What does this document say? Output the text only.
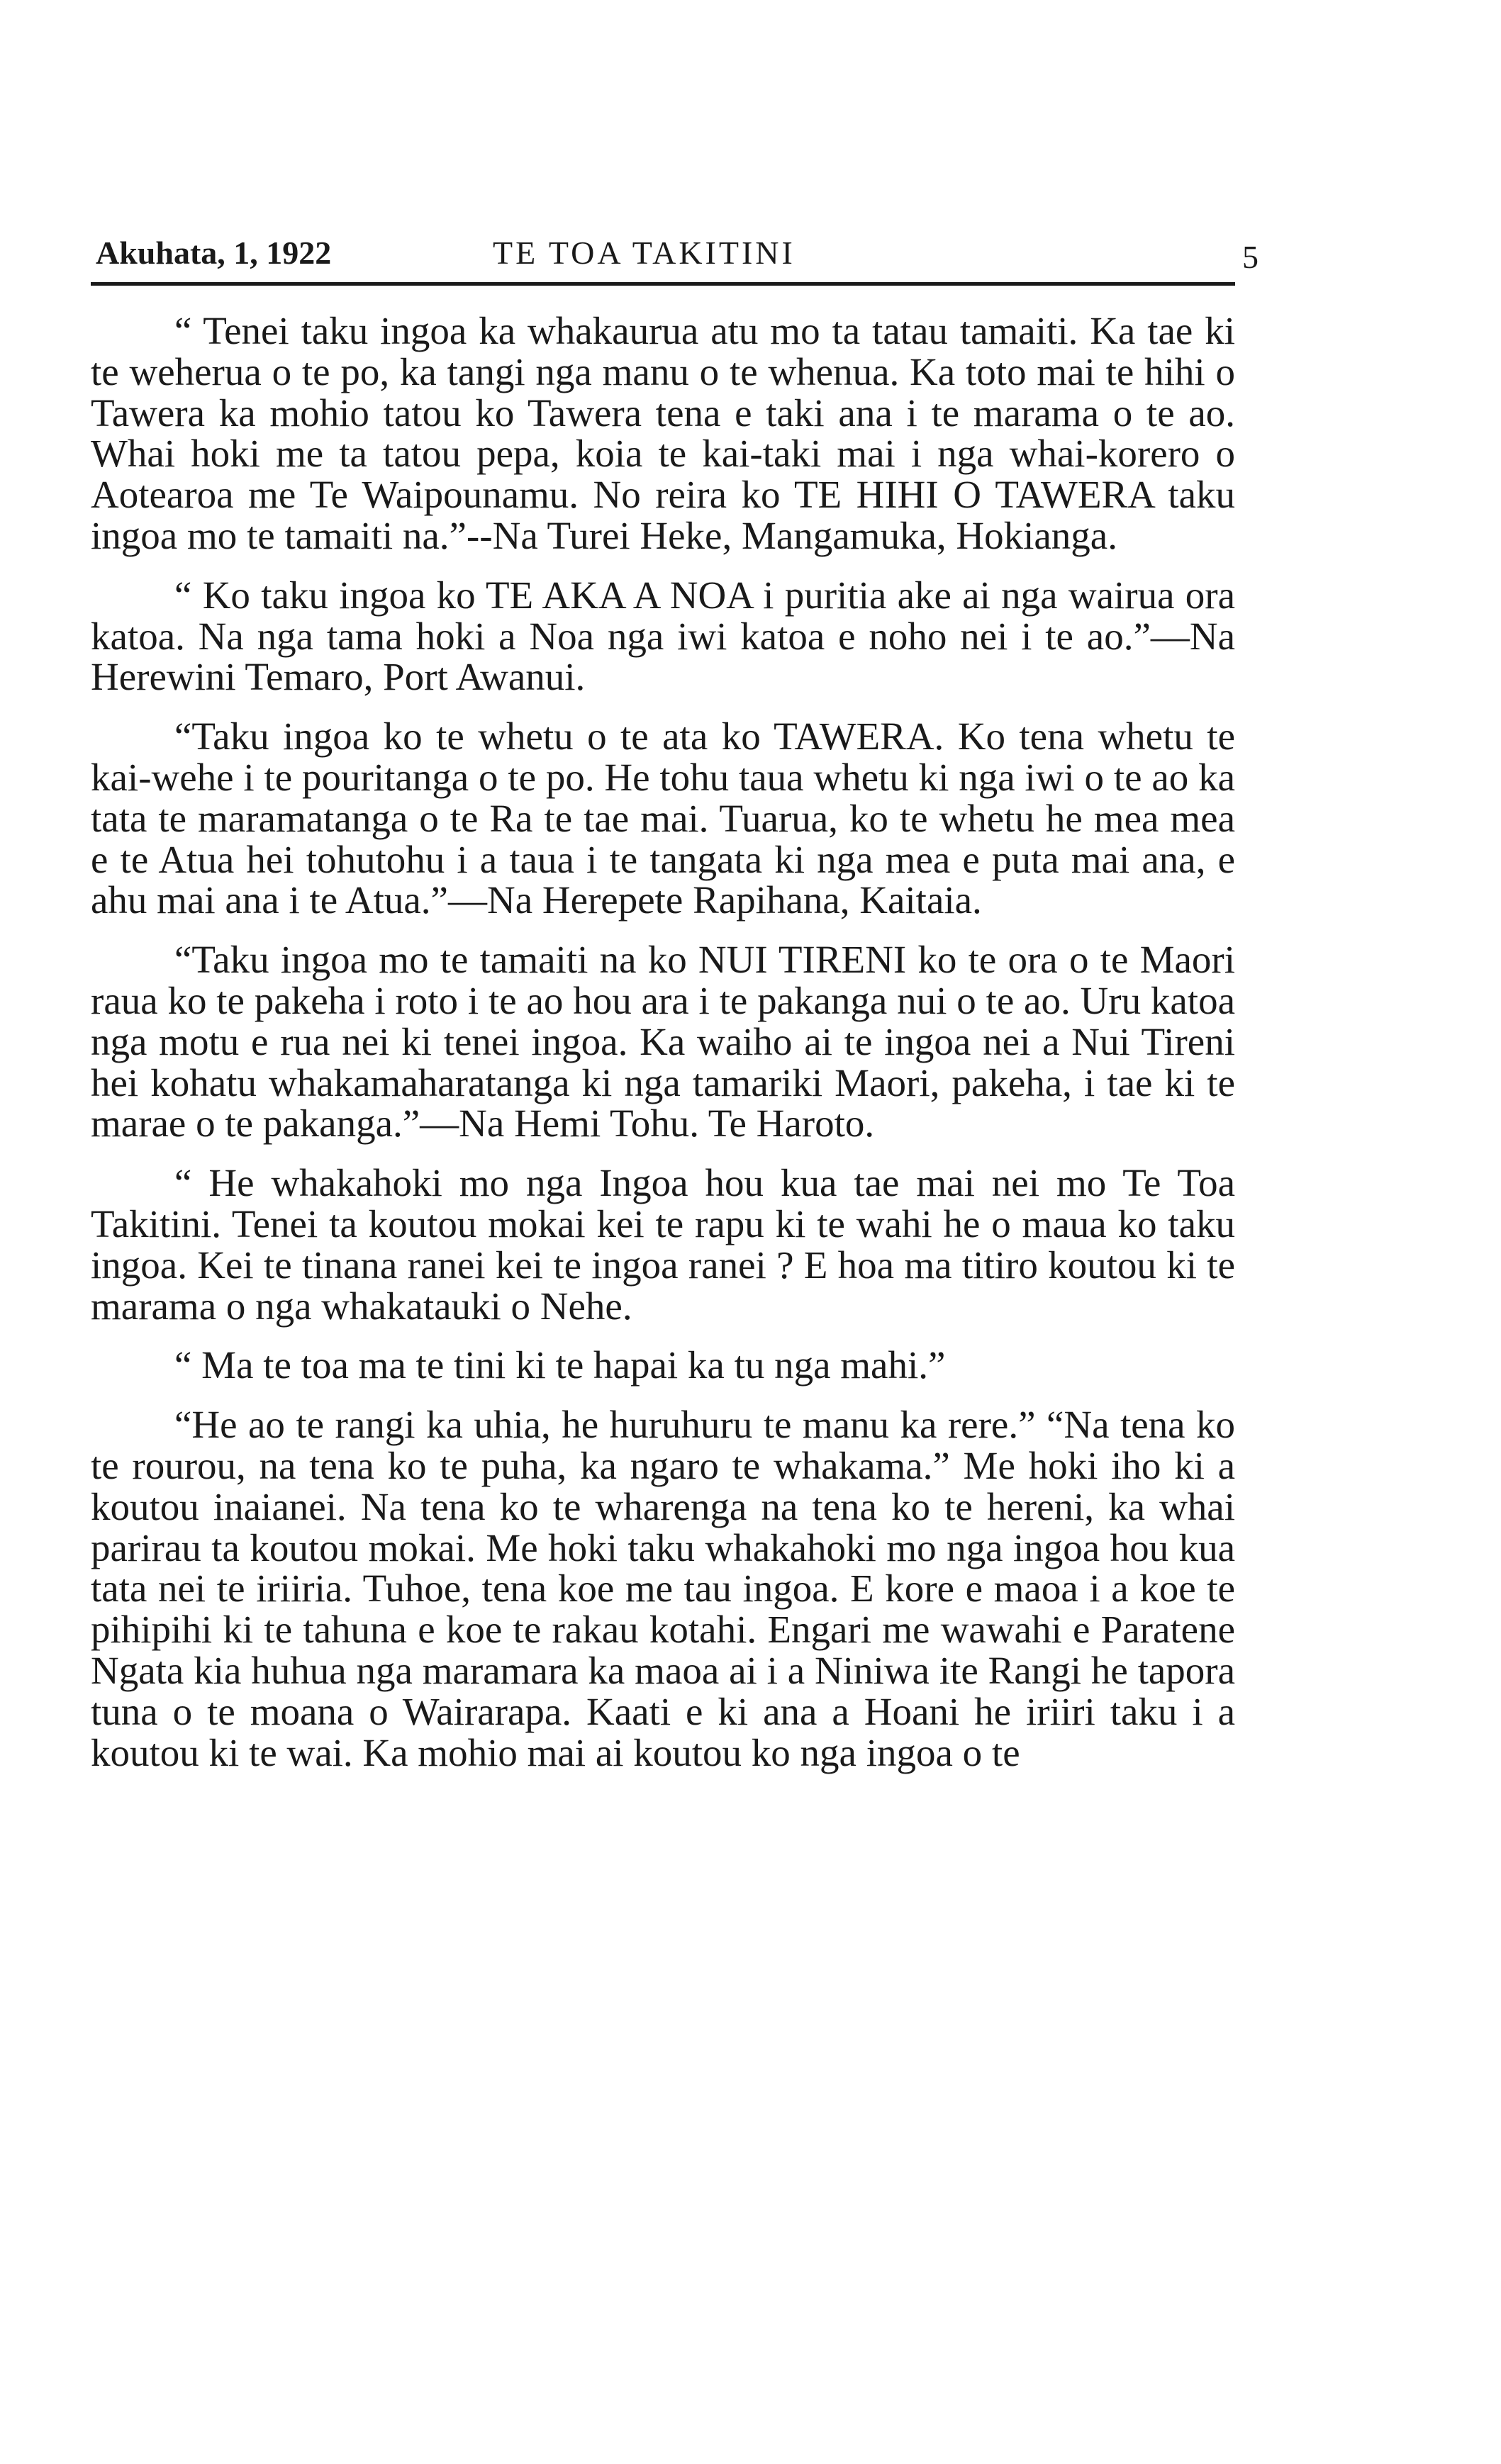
Akuhata, 1, 1922	TE TOA TAKITINI	5

“ Tenei taku ingoa ka whakaurua atu mo ta tatau tamaiti. Ka tae ki te weherua o te po, ka tangi nga manu o te whenua. Ka toto mai te hihi o Tawera ka mohio tatou ko Tawera tena e taki ana i te marama o te ao. Whai hoki me ta tatou pepa, koia te kai-taki mai i nga whai-korero o Aotearoa me Te Waipounamu. No reira ko TE HIHI O TAWERA taku ingoa mo te tamaiti na.”--Na Turei Heke, Mangamuka, Hokianga.

“ Ko taku ingoa ko TE AKA A NOA i puritia ake ai nga wairua ora katoa. Na nga tama hoki a Noa nga iwi katoa e noho nei i te ao.”—Na Herewini Temaro, Port Awanui.

“Taku ingoa ko te whetu o te ata ko TAWERA. Ko tena whetu te kai-wehe i te pouritanga o te po. He tohu taua whetu ki nga iwi o te ao ka tata te maramatanga o te Ra te tae mai. Tuarua, ko te whetu he mea mea e te Atua hei tohutohu i a taua i te tangata ki nga mea e puta mai ana, e ahu mai ana i te Atua.”—Na Herepete Rapihana, Kaitaia.

“Taku ingoa mo te tamaiti na ko NUI TIRENI ko te ora o te Maori raua ko te pakeha i roto i te ao hou ara i te pakanga nui o te ao. Uru katoa nga motu e rua nei ki tenei ingoa. Ka waiho ai te ingoa nei a Nui Tireni hei kohatu whakamaharatanga ki nga tamariki Maori, pakeha, i tae ki te marae o te pakanga.”—Na Hemi Tohu. Te Haroto.

“ He whakahoki mo nga Ingoa hou kua tae mai nei mo Te Toa Takitini. Tenei ta koutou mokai kei te rapu ki te wahi he o maua ko taku ingoa. Kei te tinana ranei kei te ingoa ranei ? E hoa ma titiro koutou ki te marama o nga whakatauki o Nehe.

“ Ma te toa ma te tini ki te hapai ka tu nga mahi.”

“He ao te rangi ka uhia, he huruhuru te manu ka rere.” “Na tena ko te rourou, na tena ko te puha, ka ngaro te whakama.” Me hoki iho ki a koutou inaianei. Na tena ko te wharenga na tena ko te hereni, ka whai parirau ta koutou mokai. Me hoki taku whakahoki mo nga ingoa hou kua tata nei te iriiria. Tuhoe, tena koe me tau ingoa. E kore e maoa i a koe te pihipihi ki te tahuna e koe te rakau kotahi. Engari me wawahi e Paratene Ngata kia huhua nga maramara ka maoa ai i a Niniwa ite Rangi he tapora tuna o te moana o Wairarapa. Kaati e ki ana a Hoani he iriiri taku i a koutou ki te wai. Ka mohio mai ai koutou ko nga ingoa o te
